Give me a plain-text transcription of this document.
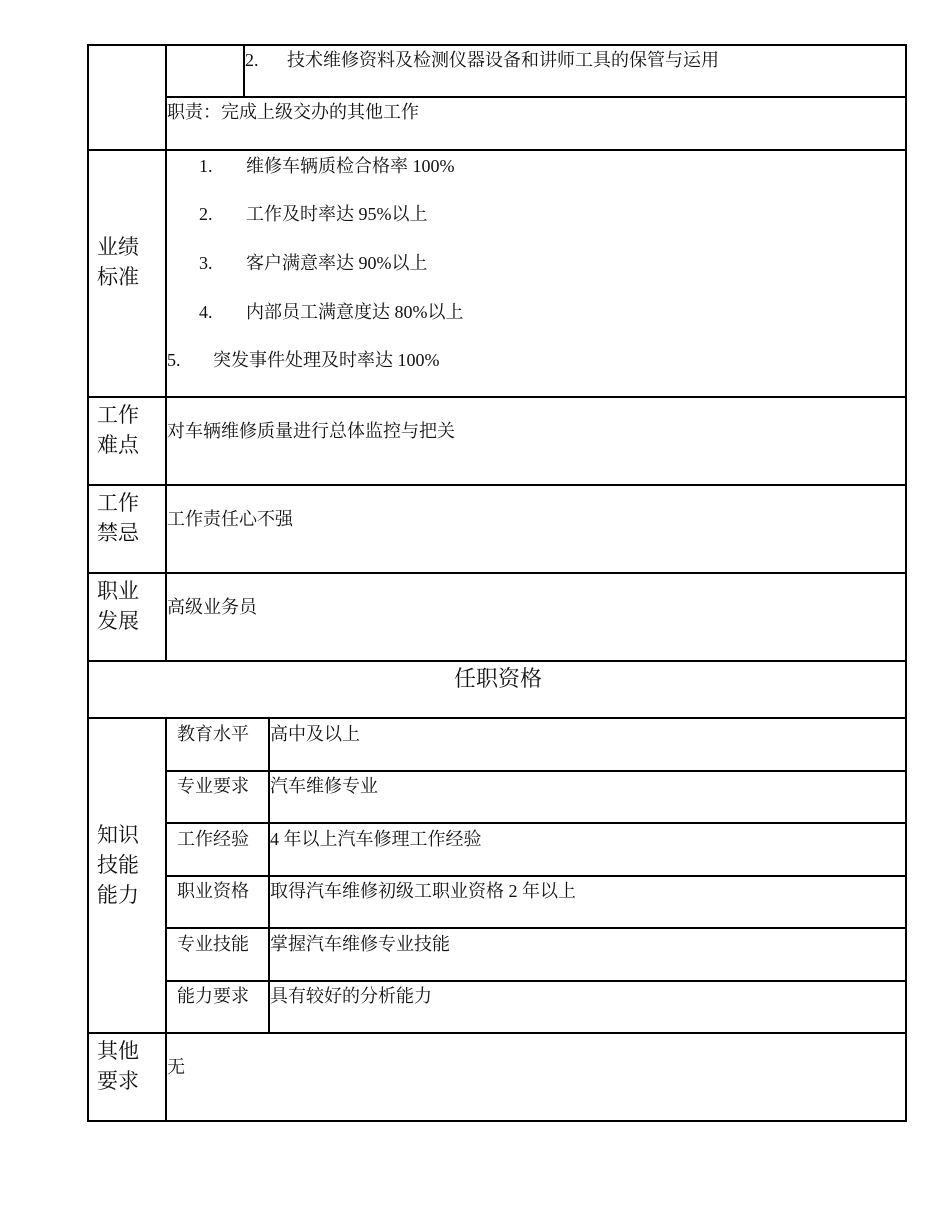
2. 技术维修资料及检测仪器设备和讲师工具的保管与运用
职责：完成上级交办的其他工作
业绩标准
1. 维修车辆质检合格率 100%
2. 工作及时率达 95%以上
3. 客户满意率达 90%以上
4. 内部员工满意度达 80%以上
5. 突发事件处理及时率达 100%
工作难点
对车辆维修质量进行总体监控与把关
工作禁忌
工作责任心不强
职业发展
高级业务员
任职资格
知识技能能力
教育水平 高中及以上
专业要求 汽车维修专业
工作经验 4 年以上汽车修理工作经验
职业资格 取得汽车维修初级工职业资格 2 年以上
专业技能 掌握汽车维修专业技能
能力要求 具有较好的分析能力
其他要求
无
